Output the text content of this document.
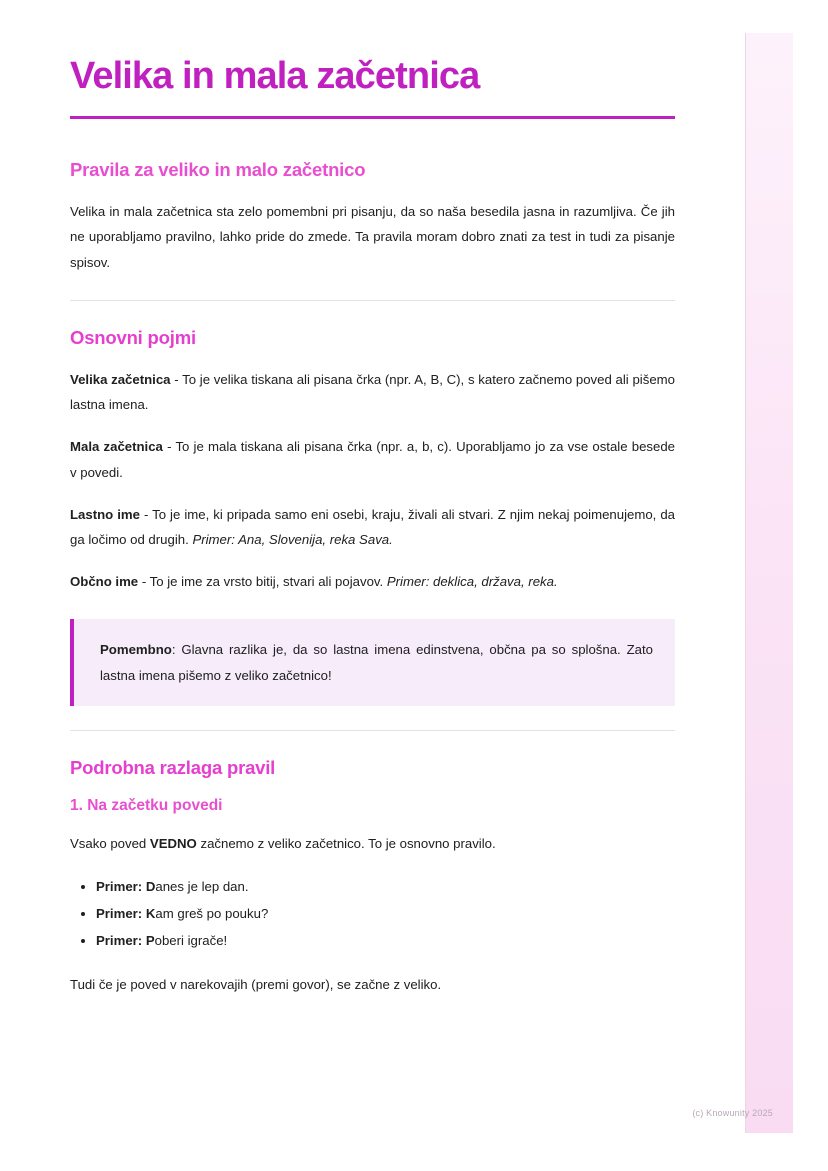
Velika in mala začetnica
Pravila za veliko in malo začetnico

Velika in mala začetnica sta zelo pomembni pri pisanju, da so naša besedila jasna in razumljiva. Če jih ne uporabljamo pravilno, lahko pride do zmede. Ta pravila moram dobro znati za test in tudi za pisanje spisov.

Osnovni pojmi

Velika začetnica - To je velika tiskana ali pisana črka (npr. A, B, C), s katero začnemo poved ali pišemo lastna imena.

Mala začetnica - To je mala tiskana ali pisana črka (npr. a, b, c). Uporabljamo jo za vse ostale besede v povedi.

Lastno ime - To je ime, ki pripada samo eni osebi, kraju, živali ali stvari. Z njim nekaj poimenujemo, da ga ločimo od drugih. Primer: Ana, Slovenija, reka Sava.

Občno ime - To je ime za vrsto bitij, stvari ali pojavov. Primer: deklica, država, reka.

Pomembno: Glavna razlika je, da so lastna imena edinstvena, občna pa so splošna. Zato lastna imena pišemo z veliko začetnico!

Podrobna razlaga pravil
1. Na začetku povedi

Vsako poved VEDNO začnemo z veliko začetnico. To je osnovno pravilo.

• Primer: Danes je lep dan.
• Primer: Kam greš po pouku?
• Primer: Poberi igrače!

Tudi če je poved v narekovajih (premi govor), se začne z veliko.

(c) Knowunity 2025
